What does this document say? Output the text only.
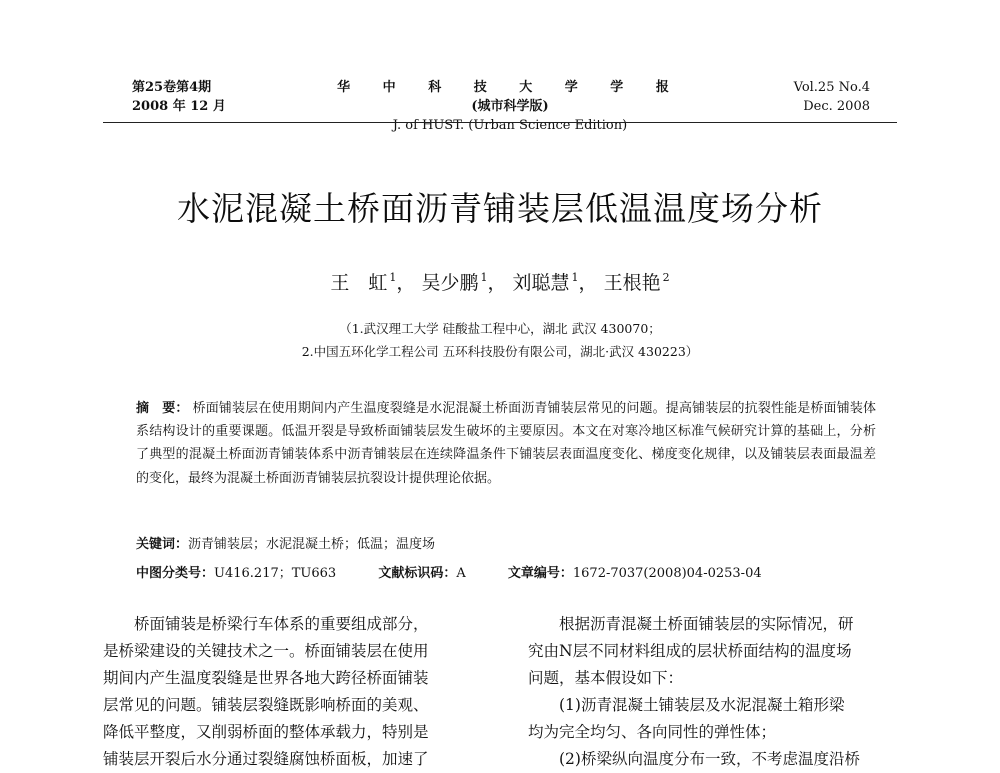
第25卷第4期
2008 年 12 月
华 中 科 技 大 学 学 报(城市科学版)
J. of HUST. (Urban Science Edition)
Vol.25 No.4
Dec. 2008
水泥混凝土桥面沥青铺装层低温温度场分析
王　虹 $^1$， 吴少鹏 $^1$， 刘聪慧 $^1$， 王根艳 $^2$
（1.武汉理工大学 硅酸盐工程中心，湖北 武汉 430070；
2.中国五环化学工程公司 五环科技股份有限公司，湖北·武汉 430223）
摘　要： 桥面铺装层在使用期间内产生温度裂缝是水泥混凝土桥面沥青铺装层常见的问题。提高铺装层的抗裂性能是桥面铺装体系结构设计的重要课题。低温开裂是导致桥面铺装层发生破坏的主要原因。本文在对寒冷地区标准气候研究计算的基础上，分析了典型的混凝土桥面沥青铺装体系中沥青铺装层在连续降温条件下铺装层表面温度变化、梯度变化规律，以及铺装层表面最温差的变化，最终为混凝土桥面沥青铺装层抗裂设计提供理论依据。
关键词：沥青铺装层；水泥混凝土桥；低温；温度场
中图分类号：U416.217；TU663	文献标识码：A	文章编号：1672-7037(2008)04-0253-04

桥面铺装是桥梁行车体系的重要组成部分，

是桥梁建设的关键技术之一。桥面铺装层在使用

期间内产生温度裂缝是世界各地大跨径桥面铺装

层常见的问题。铺装层裂缝既影响桥面的美观、

降低平整度，又削弱桥面的整体承载力，特别是

铺装层开裂后水分通过裂缝腐蚀桥面板，加速了

根据沥青混凝土桥面铺装层的实际情况，研

究由N层不同材料组成的层状桥面结构的温度场

问题，基本假设如下：

(1)沥青混凝土铺装层及水泥混凝土箱形梁

均为完全均匀、各向同性的弹性体；

(2)桥梁纵向温度分布一致，不考虑温度沿桥
